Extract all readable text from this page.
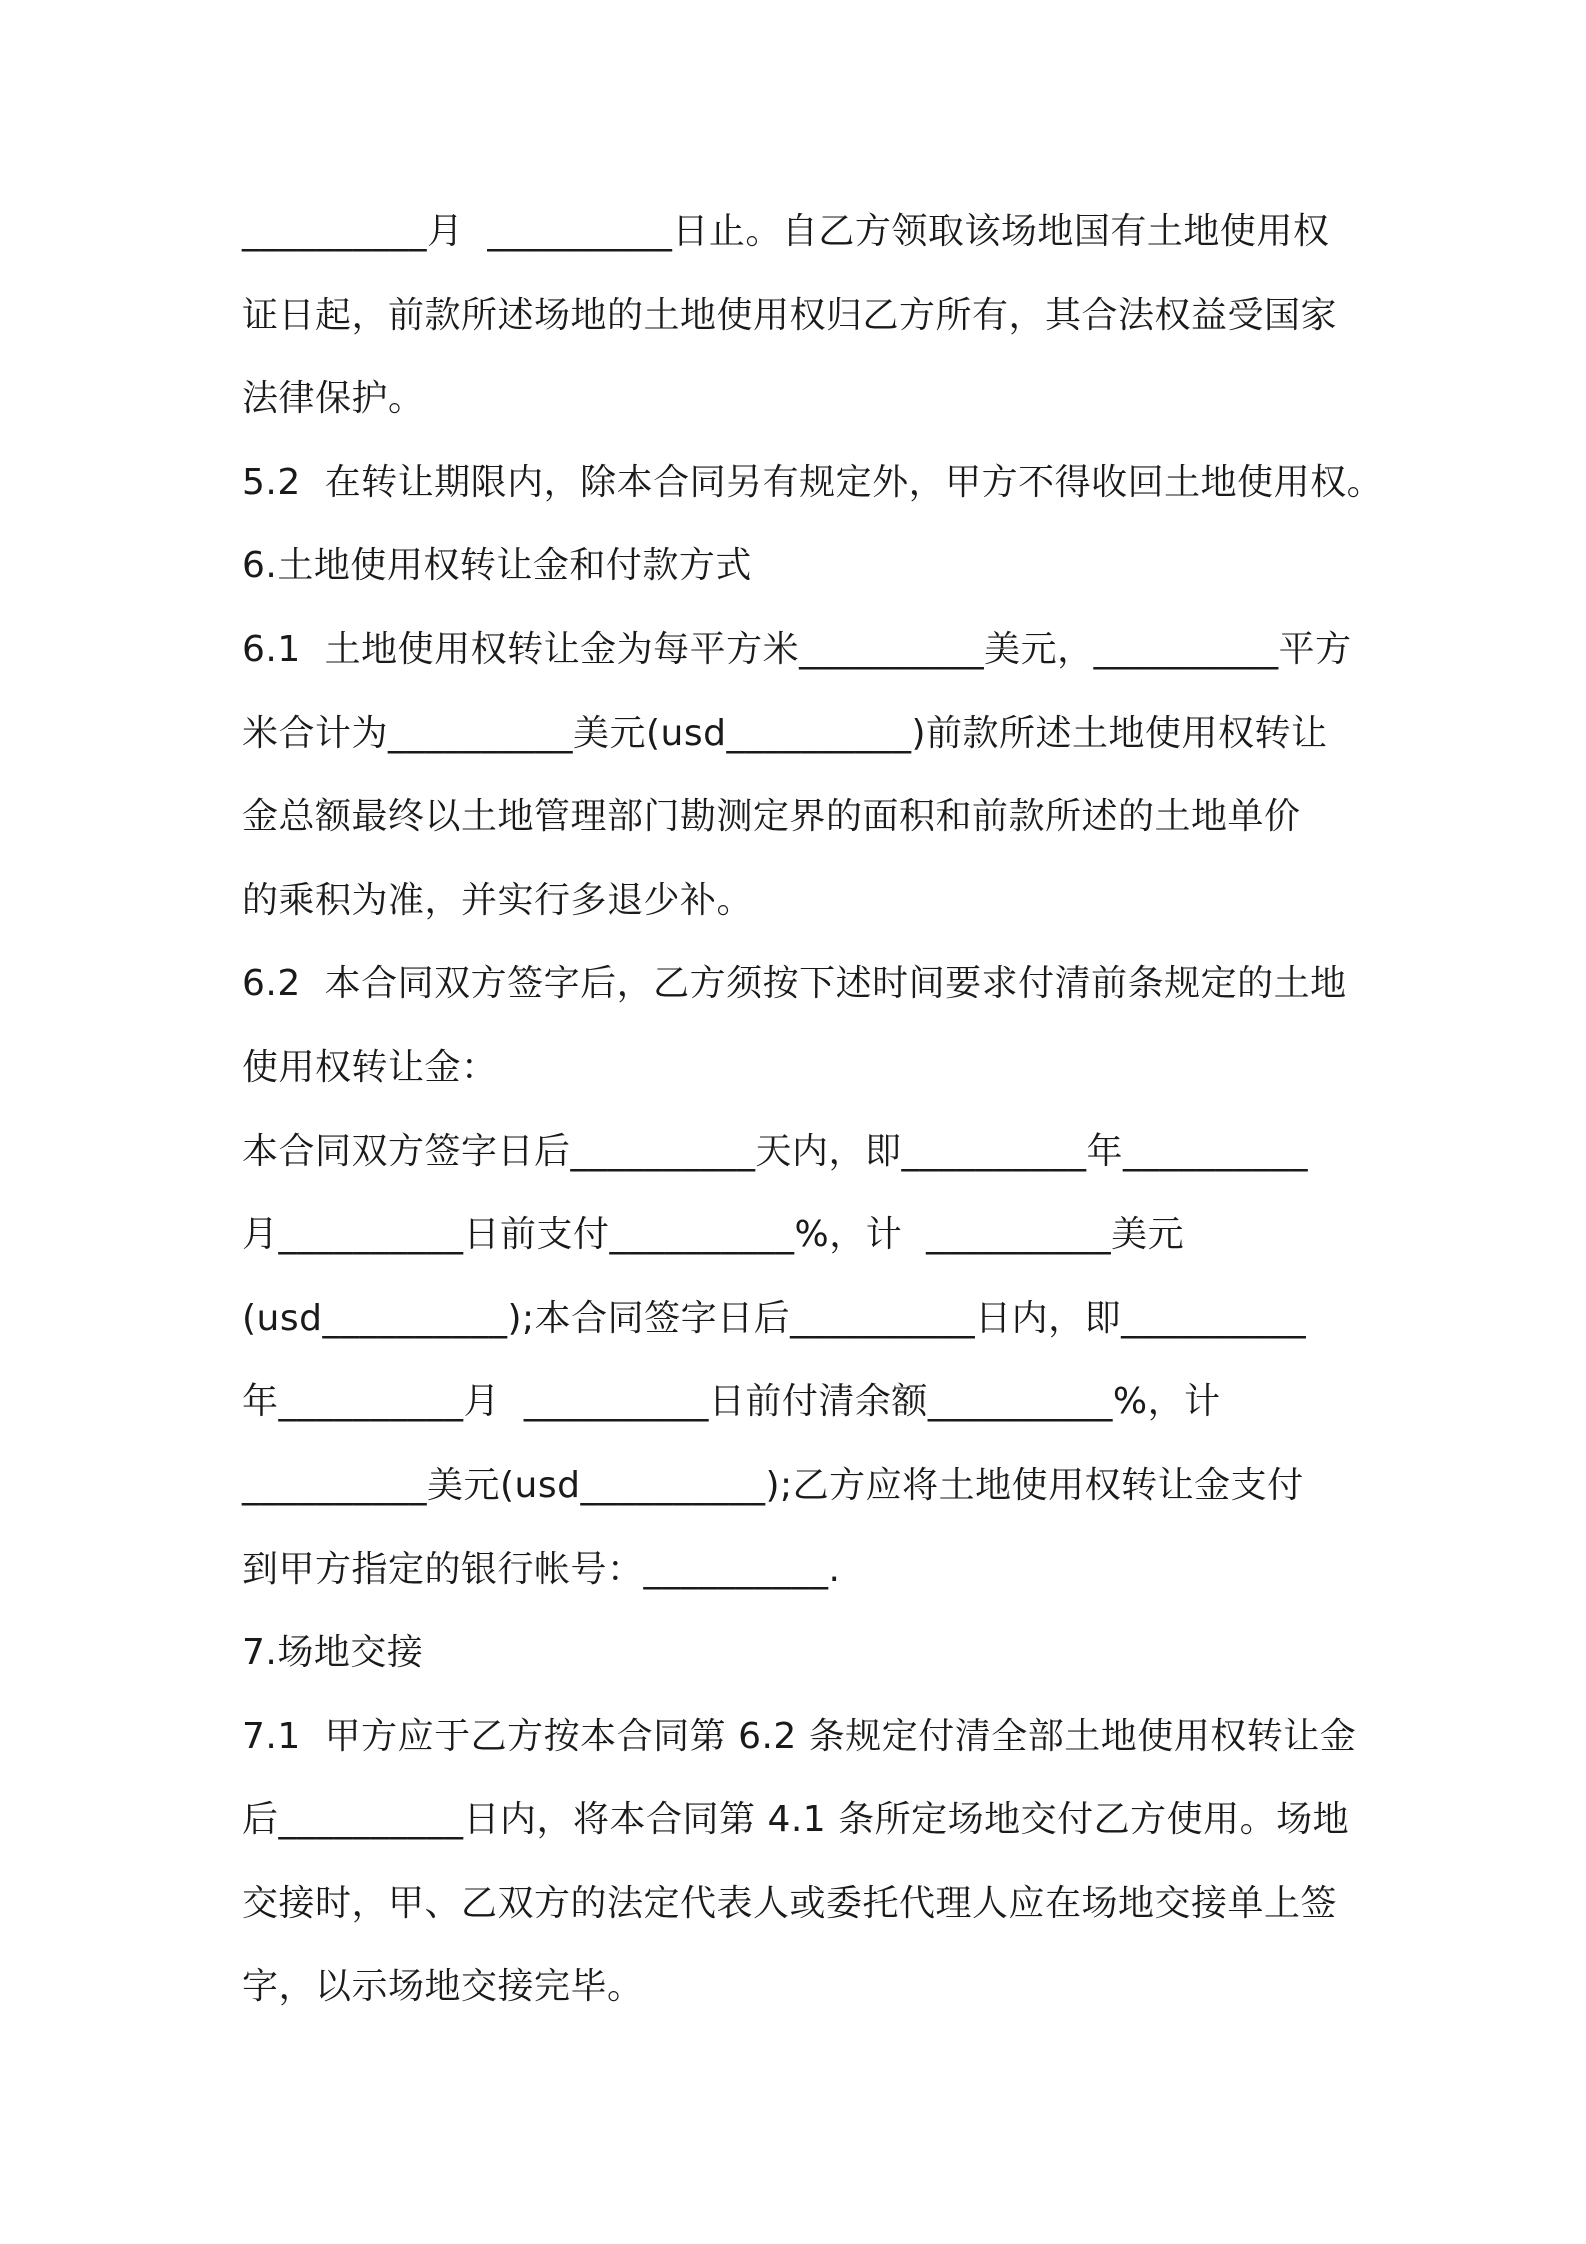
__________月  __________日止。自乙方领取该场地国有土地使用权
证日起，前款所述场地的土地使用权归乙方所有，其合法权益受国家
法律保护。
5.2  在转让期限内，除本合同另有规定外，甲方不得收回土地使用权。
6.土地使用权转让金和付款方式
6.1  土地使用权转让金为每平方米__________美元，__________平方
米合计为__________美元(usd__________)前款所述土地使用权转让
金总额最终以土地管理部门勘测定界的面积和前款所述的土地单价
的乘积为准，并实行多退少补。
6.2  本合同双方签字后，乙方须按下述时间要求付清前条规定的土地
使用权转让金：
本合同双方签字日后__________天内，即__________年__________
月__________日前支付__________%，计  __________美元
(usd__________);本合同签字日后__________日内，即__________
年__________月  __________日前付清余额__________%，计
__________美元(usd__________);乙方应将土地使用权转让金支付
到甲方指定的银行帐号：__________.
7.场地交接
7.1  甲方应于乙方按本合同第 6.2 条规定付清全部土地使用权转让金
后__________日内，将本合同第 4.1 条所定场地交付乙方使用。场地
交接时，甲、乙双方的法定代表人或委托代理人应在场地交接单上签
字，以示场地交接完毕。
